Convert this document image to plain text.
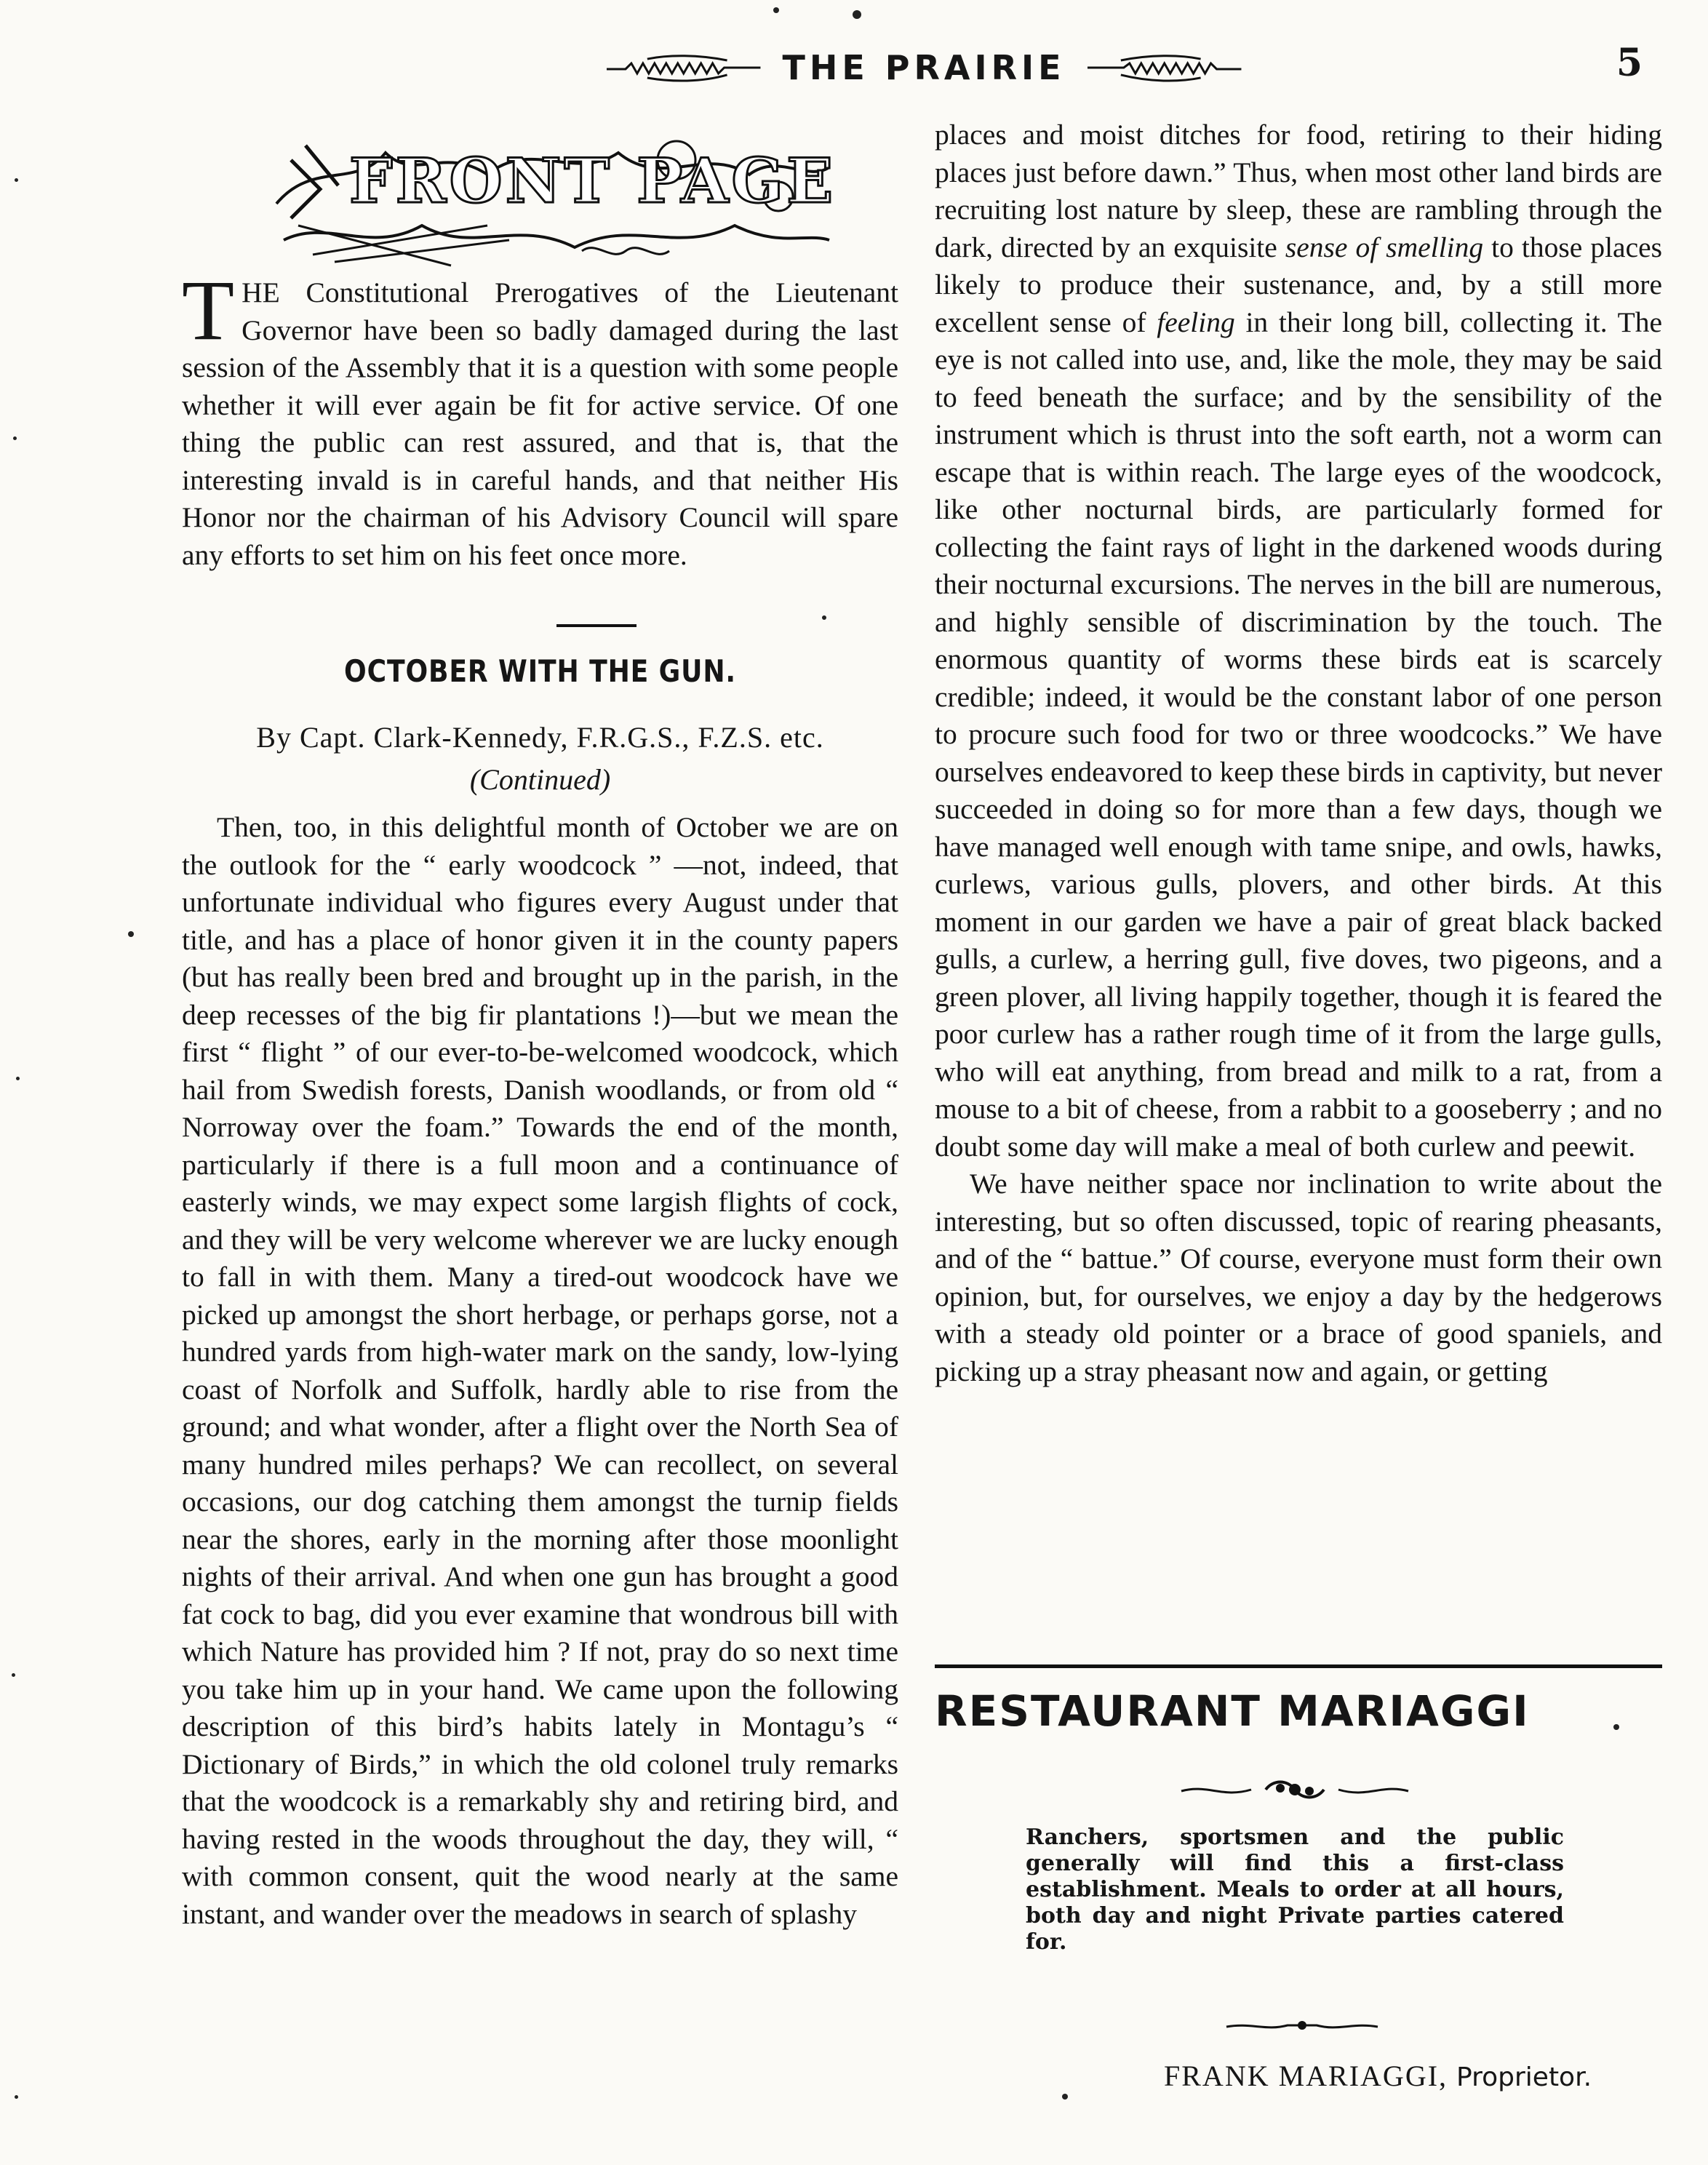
THE PRAIRIE	5
FRONT PAGE
THE Constitutional Prerogatives of the Lieutenant Governor have been so badly damaged during the last session of the Assembly that it is a question with some people whether it will ever again be fit for active service. Of one thing the public can rest assured, and that is, that the interesting invald is in careful hands, and that neither His Honor nor the chairman of his Advisory Council will spare any efforts to set him on his feet once more.
OCTOBER WITH THE GUN.
By Capt. Clark-Kennedy, F.R.G.S., F.Z.S. etc.
(Continued)
Then, too, in this delightful month of October we are on the outlook for the “ early woodcock ” —not, indeed, that unfortunate individual who figures every August under that title, and has a place of honor given it in the county papers (but has really been bred and brought up in the parish, in the deep recesses of the big fir plantations !)—but we mean the first “ flight ” of our ever-to-be-welcomed woodcock, which hail from Swedish forests, Danish woodlands, or from old “ Norroway over the foam.” Towards the end of the month, particularly if there is a full moon and a continuance of easterly winds, we may expect some largish flights of cock, and they will be very welcome wherever we are lucky enough to fall in with them. Many a tired-out woodcock have we picked up amongst the short herbage, or perhaps gorse, not a hundred yards from high-water mark on the sandy, low-lying coast of Norfolk and Suffolk, hardly able to rise from the ground; and what wonder, after a flight over the North Sea of many hundred miles perhaps? We can recollect, on several occasions, our dog catching them amongst the turnip fields near the shores, early in the morning after those moonlight nights of their arrival. And when one gun has brought a good fat cock to bag, did you ever examine that wondrous bill with which Nature has provided him ? If not, pray do so next time you take him up in your hand. We came upon the following description of this bird’s habits lately in Montagu’s “ Dictionary of Birds,” in which the old colonel truly remarks that the woodcock is a remarkably shy and retiring bird, and having rested in the woods throughout the day, they will, “ with common consent, quit the wood nearly at the same instant, and wander over the meadows in search of splashy

places and moist ditches for food, retiring to their hiding places just before dawn.” Thus, when most other land birds are recruiting lost nature by sleep, these are rambling through the dark, directed by an exquisite sense of smelling to those places likely to produce their sustenance, and, by a still more excellent sense of feeling in their long bill, collecting it. The eye is not called into use, and, like the mole, they may be said to feed beneath the surface; and by the sensibility of the instrument which is thrust into the soft earth, not a worm can escape that is within reach. The large eyes of the woodcock, like other nocturnal birds, are particularly formed for collecting the faint rays of light in the darkened woods during their nocturnal excursions. The nerves in the bill are numerous, and highly sensible of discrimination by the touch. The enormous quantity of worms these birds eat is scarcely credible; indeed, it would be the constant labor of one person to procure such food for two or three woodcocks.” We have ourselves endeavored to keep these birds in captivity, but never succeeded in doing so for more than a few days, though we have managed well enough with tame snipe, and owls, hawks, curlews, various gulls, plovers, and other birds. At this moment in our garden we have a pair of great black backed gulls, a curlew, a herring gull, five doves, two pigeons, and a green plover, all living happily together, though it is feared the poor curlew has a rather rough time of it from the large gulls, who will eat anything, from bread and milk to a rat, from a mouse to a bit of cheese, from a rabbit to a gooseberry ; and no doubt some day will make a meal of both curlew and peewit.

We have neither space nor inclination to write about the interesting, but so often discussed, topic of rearing pheasants, and of the “ battue.” Of course, everyone must form their own opinion, but, for ourselves, we enjoy a day by the hedgerows with a steady old pointer or a brace of good spaniels, and picking up a stray pheasant now and again, or getting

RESTAURANT MARIAGGI
Ranchers, sportsmen and the public generally will find this a first-class establishment. Meals to order at all hours, both day and night Private parties catered for.
FRANK MARIAGGI, Proprietor.
